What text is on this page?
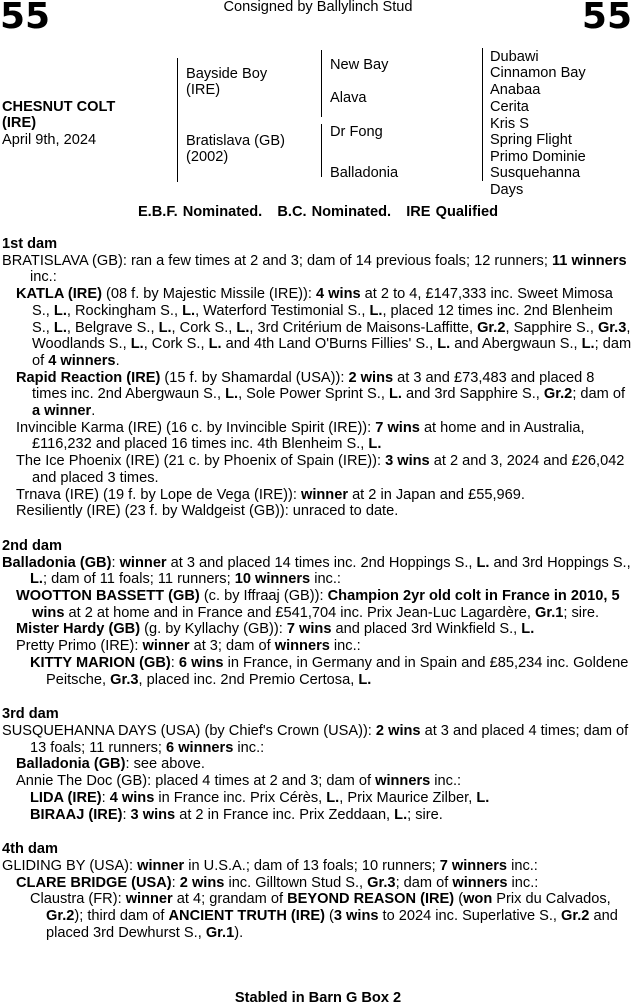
55	55
Consigned by Ballylinch Stud
CHESNUT COLT
(IRE)
April 9th, 2024
Bayside Boy
(IRE)
Bratislava (GB)
(2002)
New Bay
Alava
Dr Fong
Balladonia
Dubawi
Cinnamon Bay
Anabaa
Cerita
Kris S
Spring Flight
Primo Dominie
Susquehanna
Days
E.B.F. Nominated.   B.C. Nominated.   IRE Qualified

1st dam

BRATISLAVA (GB): ran a few times at 2 and 3; dam of 14 previous foals; 12 runners; 11 winners inc.:

KATLA (IRE) (08 f. by Majestic Missile (IRE)): 4 wins at 2 to 4, £147,333 inc. Sweet Mimosa S., L., Rockingham S., L., Waterford Testimonial S., L., placed 12 times inc. 2nd Blenheim S., L., Belgrave S., L., Cork S., L., 3rd Critérium de Maisons-Laffitte, Gr.2, Sapphire S., Gr.3, Woodlands S., L., Cork S., L. and 4th Land O'Burns Fillies' S., L. and Abergwaun S., L.; dam of 4 winners.

Rapid Reaction (IRE) (15 f. by Shamardal (USA)): 2 wins at 3 and £73,483 and placed 8 times inc. 2nd Abergwaun S., L., Sole Power Sprint S., L. and 3rd Sapphire S., Gr.2; dam of a winner.

Invincible Karma (IRE) (16 c. by Invincible Spirit (IRE)): 7 wins at home and in Australia, £116,232 and placed 16 times inc. 4th Blenheim S., L.

The Ice Phoenix (IRE) (21 c. by Phoenix of Spain (IRE)): 3 wins at 2 and 3, 2024 and £26,042 and placed 3 times.

Trnava (IRE) (19 f. by Lope de Vega (IRE)): winner at 2 in Japan and £55,969.

Resiliently (IRE) (23 f. by Waldgeist (GB)): unraced to date.

2nd dam

Balladonia (GB): winner at 3 and placed 14 times inc. 2nd Hoppings S., L. and 3rd Hoppings S., L.; dam of 11 foals; 11 runners; 10 winners inc.:

WOOTTON BASSETT (GB) (c. by Iffraaj (GB)): Champion 2yr old colt in France in 2010, 5 wins at 2 at home and in France and £541,704 inc. Prix Jean-Luc Lagardère, Gr.1; sire.

Mister Hardy (GB) (g. by Kyllachy (GB)): 7 wins and placed 3rd Winkfield S., L.

Pretty Primo (IRE): winner at 3; dam of winners inc.:

KITTY MARION (GB): 6 wins in France, in Germany and in Spain and £85,234 inc. Goldene Peitsche, Gr.3, placed inc. 2nd Premio Certosa, L.

3rd dam

SUSQUEHANNA DAYS (USA) (by Chief's Crown (USA)): 2 wins at 3 and placed 4 times; dam of 13 foals; 11 runners; 6 winners inc.:

Balladonia (GB): see above.

Annie The Doc (GB): placed 4 times at 2 and 3; dam of winners inc.:

LIDA (IRE): 4 wins in France inc. Prix Cérès, L., Prix Maurice Zilber, L.

BIRAAJ (IRE): 3 wins at 2 in France inc. Prix Zeddaan, L.; sire.

4th dam

GLIDING BY (USA): winner in U.S.A.; dam of 13 foals; 10 runners; 7 winners inc.:

CLARE BRIDGE (USA): 2 wins inc. Gilltown Stud S., Gr.3; dam of winners inc.:

Claustra (FR): winner at 4; grandam of BEYOND REASON (IRE) (won Prix du Calvados, Gr.2); third dam of ANCIENT TRUTH (IRE) (3 wins to 2024 inc. Superlative S., Gr.2 and placed 3rd Dewhurst S., Gr.1).

Stabled in Barn G Box 2
